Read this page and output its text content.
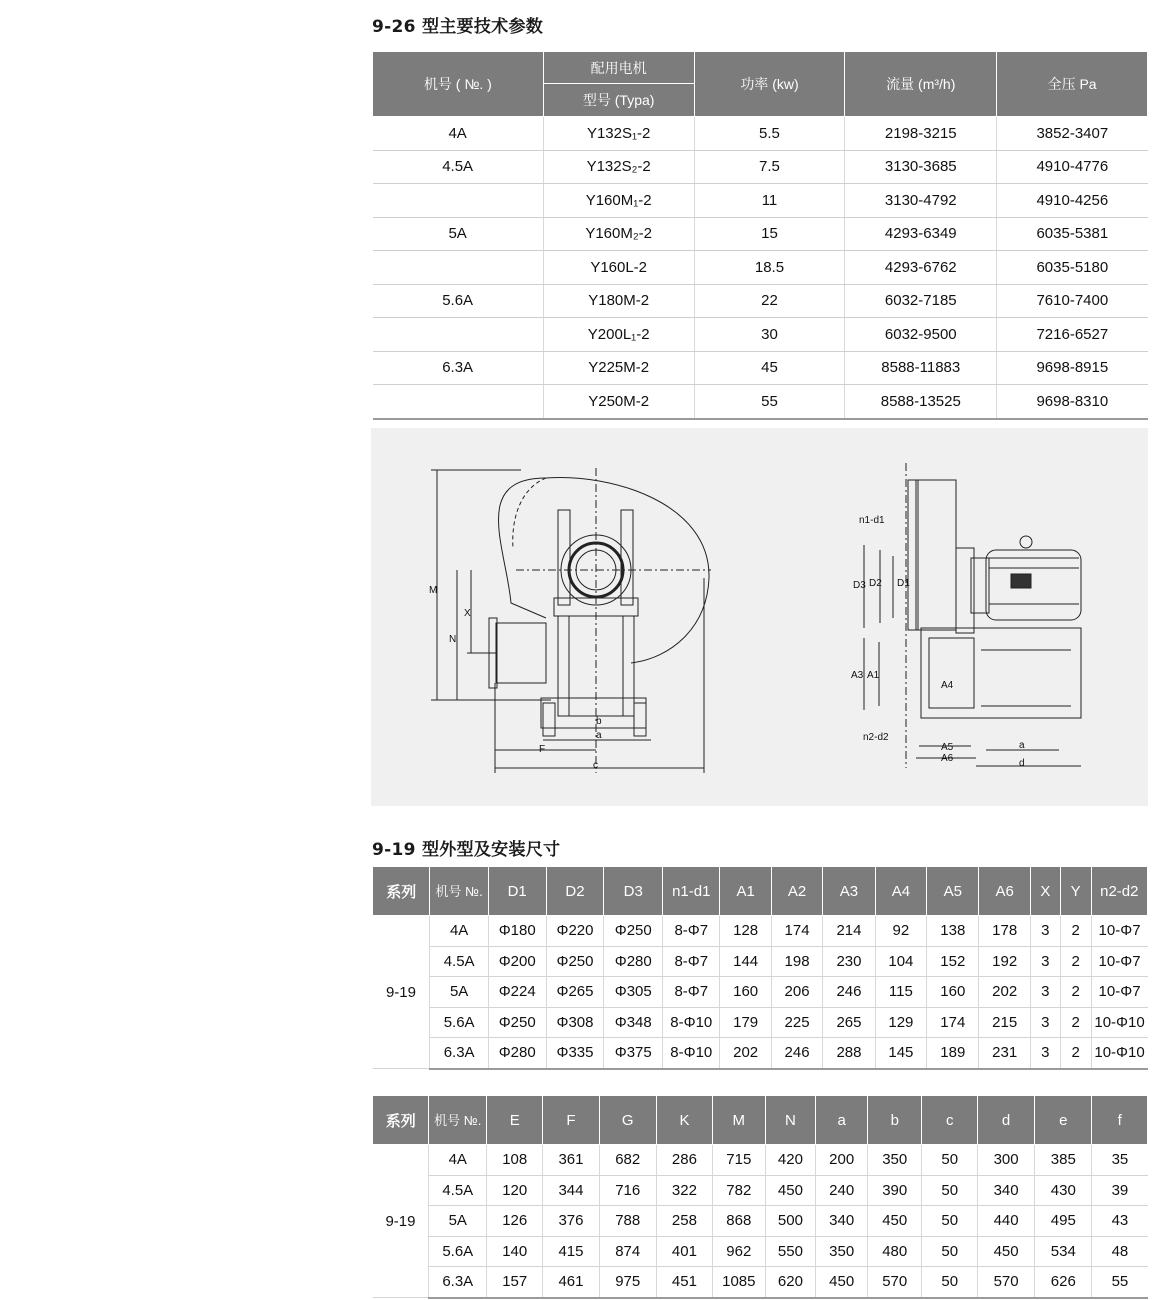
9-26 型主要技术参数
机号 ( №. )	配用电机	功率 (kw)	流量 (m³/h)	全压 Pa
	型号 (Typa)			
4A	Y132S₁-2	5.5	2198-3215	3852-3407
4.5A	Y132S₂-2	7.5	3130-3685	4910-4776
	Y160M₁-2	11	3130-4792	4910-4256
5A	Y160M₂-2	15	4293-6349	6035-5381
	Y160L-2	18.5	4293-6762	6035-5180
5.6A	Y180M-2	22	6032-7185	7610-7400
	Y200L₁-2	30	6032-9500	7216-6527
6.3A	Y225M-2	45	8588-11883	9698-8915
	Y250M-2	55	8588-13525	9698-8310
M
N
X
b
a
F
c
n1-d1
D3 D2 D1
A3 A1
A4
n2-d2
A5
A6
a
d
9-19 型外型及安装尺寸
系列	机号 №.	D1	D2	D3	n1-d1	A1	A2	A3	A4	A5	A6	X	Y	n2-d2
9-19	4A	Φ180	Φ220	Φ250	8-Φ7	128	174	214	92	138	178	3	2	10-Φ7
	4.5A	Φ200	Φ250	Φ280	8-Φ7	144	198	230	104	152	192	3	2	10-Φ7
	5A	Φ224	Φ265	Φ305	8-Φ7	160	206	246	115	160	202	3	2	10-Φ7
	5.6A	Φ250	Φ308	Φ348	8-Φ10	179	225	265	129	174	215	3	2	10-Φ10
	6.3A	Φ280	Φ335	Φ375	8-Φ10	202	246	288	145	189	231	3	2	10-Φ10
系列	机号 №.	E	F	G	K	M	N	a	b	c	d	e	f
9-19	4A	108	361	682	286	715	420	200	350	50	300	385	35
	4.5A	120	344	716	322	782	450	240	390	50	340	430	39
	5A	126	376	788	258	868	500	340	450	50	440	495	43
	5.6A	140	415	874	401	962	550	350	480	50	450	534	48
	6.3A	157	461	975	451	1085	620	450	570	50	570	626	55
